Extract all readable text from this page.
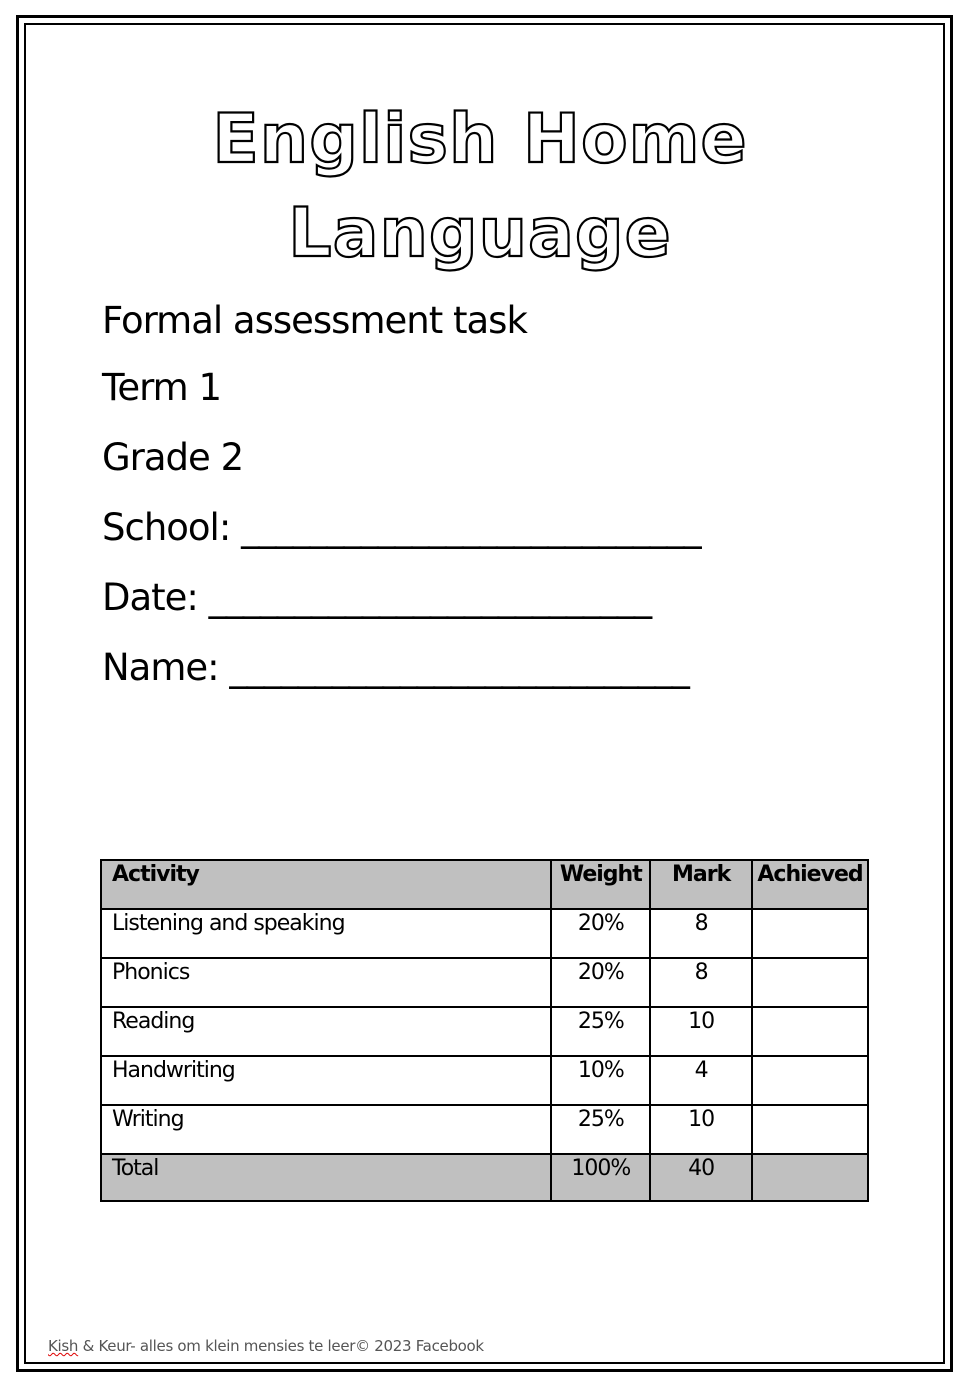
English Home
Language
Formal assessment task
Term 1
Grade 2
School: ___________________________
Date: __________________________
Name: ___________________________
Activity	Weight	Mark	Achieved
Listening and speaking	20%	8	
Phonics	20%	8	
Reading	25%	10	
Handwriting	10%	4	
Writing	25%	10	
Total	100%	40	
Kish & Keur- alles om klein mensies te leer© 2023 Facebook
